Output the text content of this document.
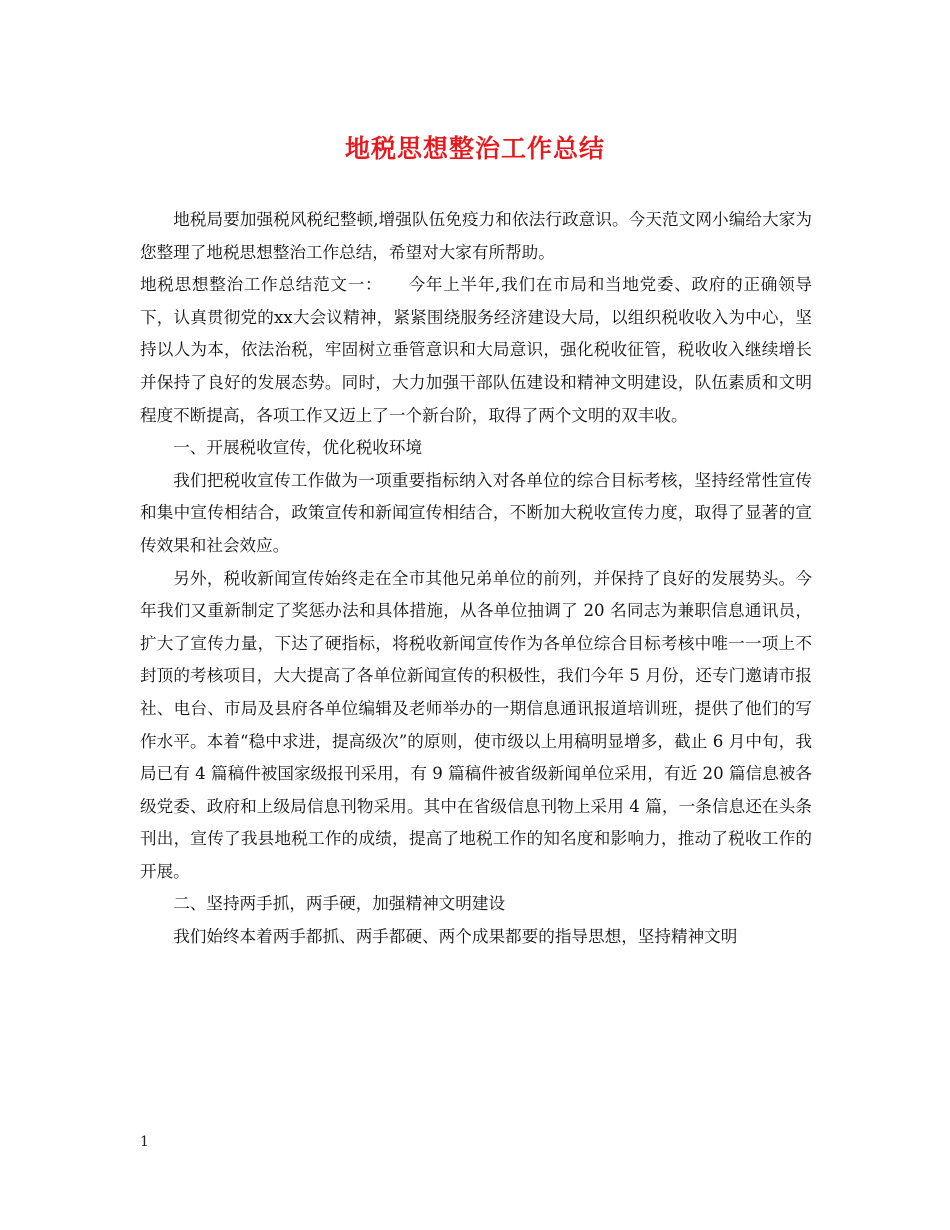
地税思想整治工作总结

地税局要加强税风税纪整顿,增强队伍免疫力和依法行政意识。今天范文网小编给大家为您整理了地税思想整治工作总结，希望对大家有所帮助。

地税思想整治工作总结范文一：　　今年上半年,我们在市局和当地党委、政府的正确领导下，认真贯彻党的xx大会议精神，紧紧围绕服务经济建设大局，以组织税收收入为中心，坚持以人为本，依法治税，牢固树立垂管意识和大局意识，强化税收征管，税收收入继续增长并保持了良好的发展态势。同时，大力加强干部队伍建设和精神文明建设，队伍素质和文明程度不断提高，各项工作又迈上了一个新台阶，取得了两个文明的双丰收。

一、开展税收宣传，优化税收环境

我们把税收宣传工作做为一项重要指标纳入对各单位的综合目标考核，坚持经常性宣传和集中宣传相结合，政策宣传和新闻宣传相结合，不断加大税收宣传力度，取得了显著的宣传效果和社会效应。

另外，税收新闻宣传始终走在全市其他兄弟单位的前列，并保持了良好的发展势头。今年我们又重新制定了奖惩办法和具体措施，从各单位抽调了 20 名同志为兼职信息通讯员，扩大了宣传力量，下达了硬指标，将税收新闻宣传作为各单位综合目标考核中唯一一项上不封顶的考核项目，大大提高了各单位新闻宣传的积极性，我们今年 5 月份，还专门邀请市报社、电台、市局及县府各单位编辑及老师举办的一期信息通讯报道培训班，提供了他们的写作水平。本着“稳中求进，提高级次”的原则，使市级以上用稿明显增多，截止 6 月中旬，我局已有 4 篇稿件被国家级报刊采用，有 9 篇稿件被省级新闻单位采用，有近 20 篇信息被各级党委、政府和上级局信息刊物采用。其中在省级信息刊物上采用 4 篇，一条信息还在头条刊出，宣传了我县地税工作的成绩，提高了地税工作的知名度和影响力，推动了税收工作的开展。

二、坚持两手抓，两手硬，加强精神文明建设

我们始终本着两手都抓、两手都硬、两个成果都要的指导思想，坚持精神文明

1
